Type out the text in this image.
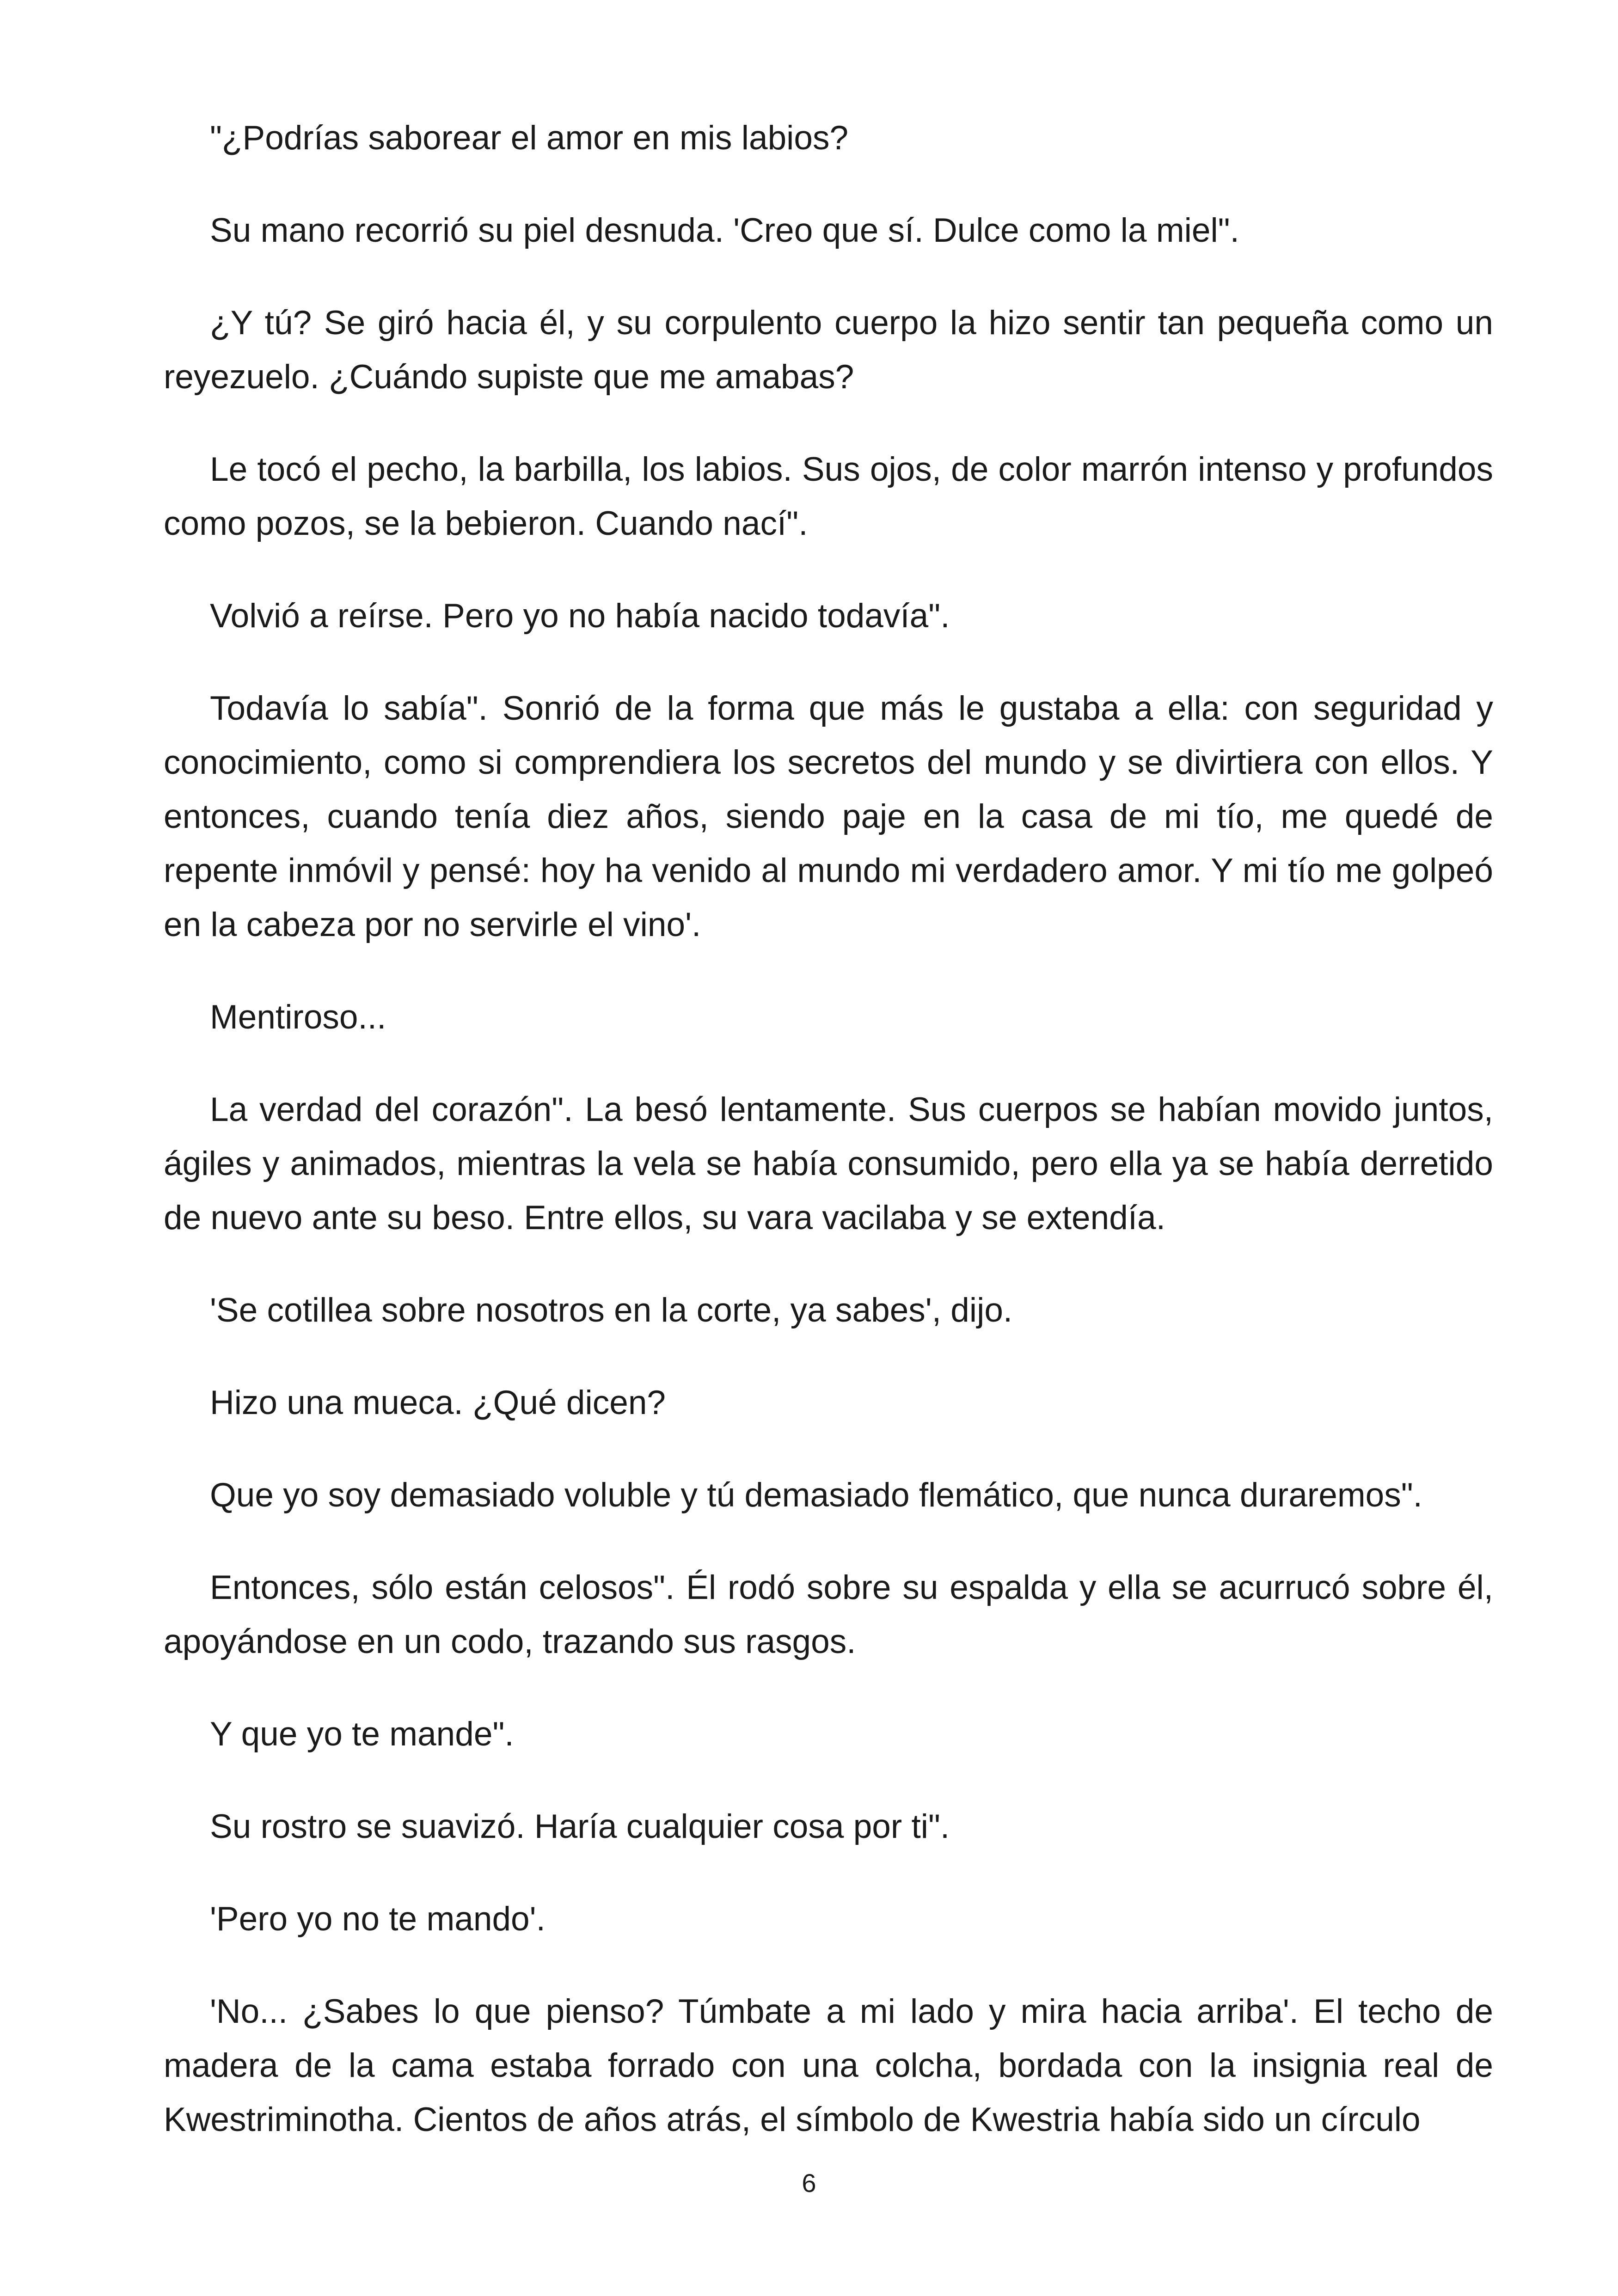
"¿Podrías saborear el amor en mis labios?

Su mano recorrió su piel desnuda. 'Creo que sí. Dulce como la miel".

¿Y tú? Se giró hacia él, y su corpulento cuerpo la hizo sentir tan pequeña como un reyezuelo. ¿Cuándo supiste que me amabas?

Le tocó el pecho, la barbilla, los labios. Sus ojos, de color marrón intenso y profundos como pozos, se la bebieron. Cuando nací".

Volvió a reírse. Pero yo no había nacido todavía".

Todavía lo sabía". Sonrió de la forma que más le gustaba a ella: con seguridad y conocimiento, como si comprendiera los secretos del mundo y se divirtiera con ellos. Y entonces, cuando tenía diez años, siendo paje en la casa de mi tío, me quedé de repente inmóvil y pensé: hoy ha venido al mundo mi verdadero amor. Y mi tío me golpeó en la cabeza por no servirle el vino'.

Mentiroso...

La verdad del corazón". La besó lentamente. Sus cuerpos se habían movido juntos, ágiles y animados, mientras la vela se había consumido, pero ella ya se había derretido de nuevo ante su beso. Entre ellos, su vara vacilaba y se extendía.

'Se cotillea sobre nosotros en la corte, ya sabes', dijo.

Hizo una mueca. ¿Qué dicen?

Que yo soy demasiado voluble y tú demasiado flemático, que nunca duraremos".

Entonces, sólo están celosos". Él rodó sobre su espalda y ella se acurrucó sobre él, apoyándose en un codo, trazando sus rasgos.

Y que yo te mande".

Su rostro se suavizó. Haría cualquier cosa por ti".

'Pero yo no te mando'.

'No... ¿Sabes lo que pienso? Túmbate a mi lado y mira hacia arriba'. El techo de madera de la cama estaba forrado con una colcha, bordada con la insignia real de Kwestriminotha. Cientos de años atrás, el símbolo de Kwestria había sido un círculo

6
